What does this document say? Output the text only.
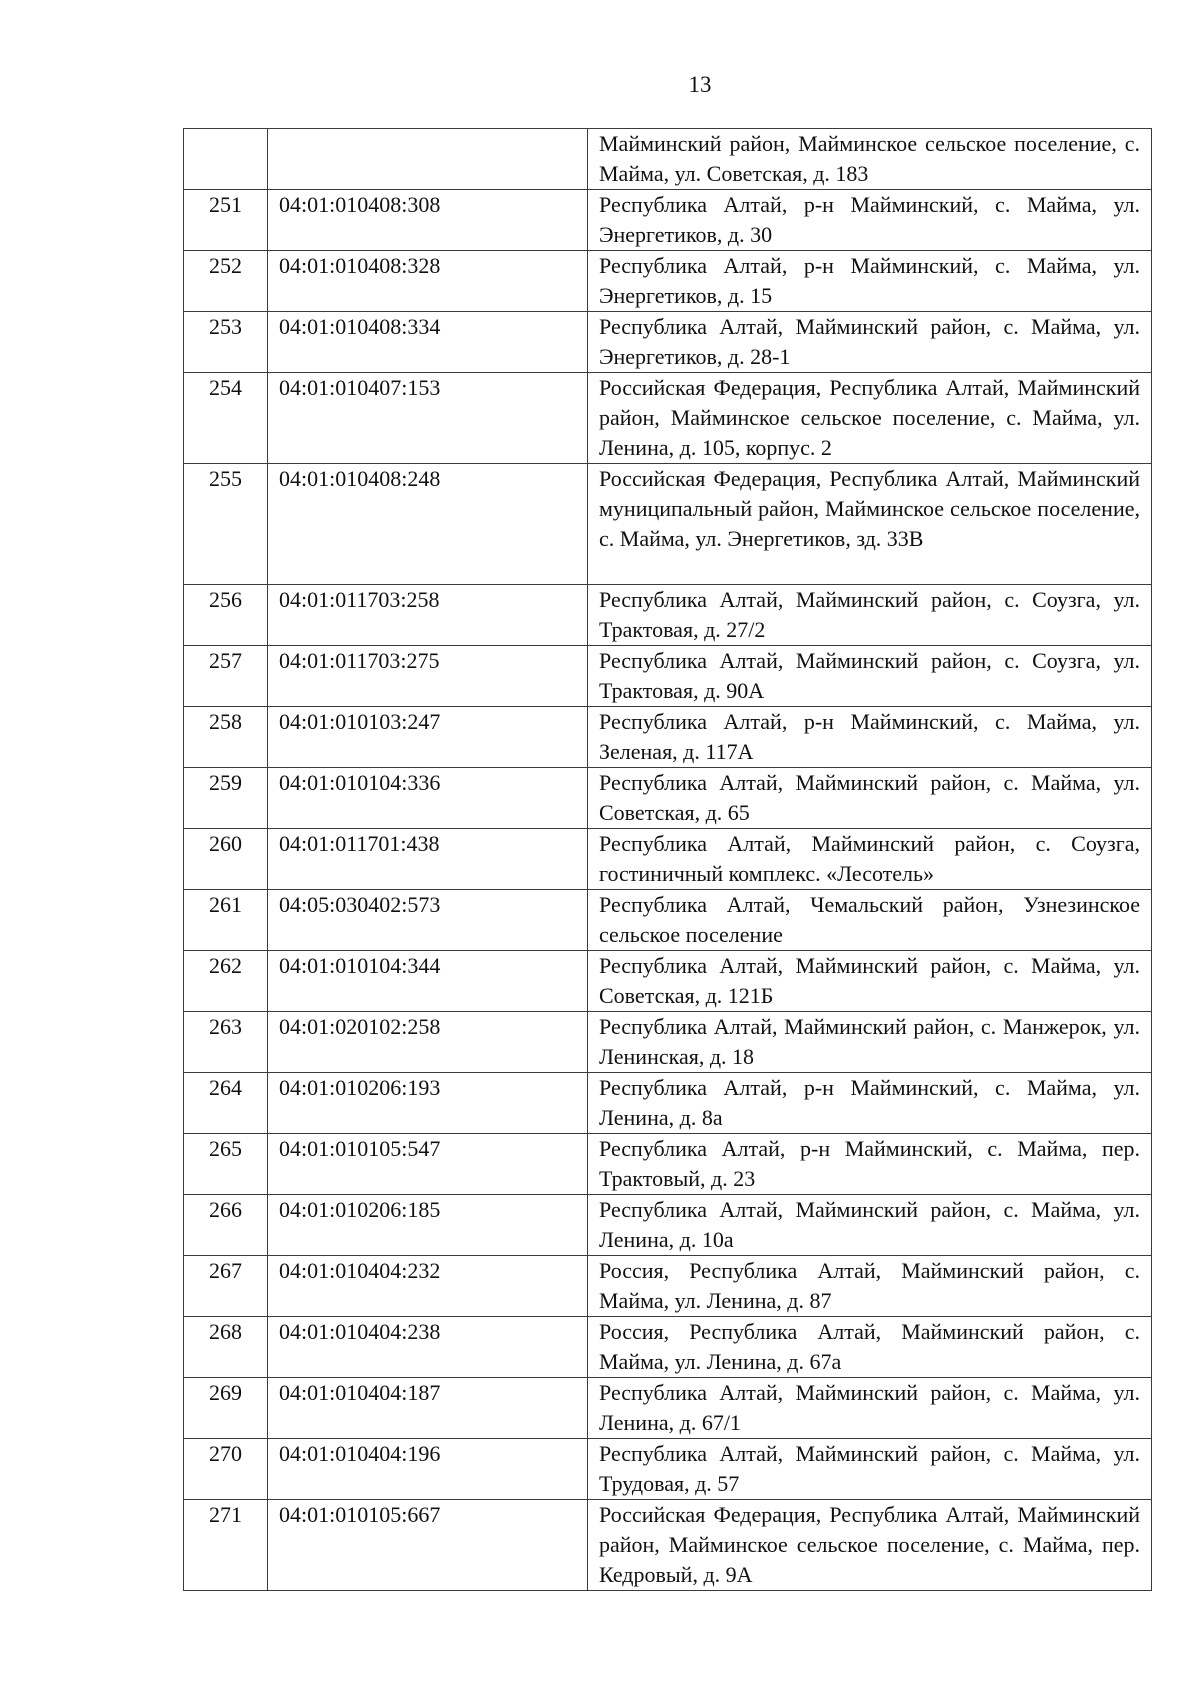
13
		Майминский район, Майминское сельское поселение, с. Майма, ул. Советская, д. 183
251	04:01:010408:308	Республика Алтай, р-н Майминский, с. Майма, ул. Энергетиков, д. 30
252	04:01:010408:328	Республика Алтай, р-н Майминский, с. Майма, ул. Энергетиков, д. 15
253	04:01:010408:334	Республика Алтай, Майминский район, с. Майма, ул. Энергетиков, д. 28-1
254	04:01:010407:153	Российская Федерация, Республика Алтай, Майминский район, Майминское сельское поселение, с. Майма, ул. Ленина, д. 105, корпус. 2
255	04:01:010408:248	Российская Федерация, Республика Алтай, Майминский муниципальный район, Майминское сельское поселение, с. Майма, ул. Энергетиков, зд. 33В
256	04:01:011703:258	Республика Алтай, Майминский район, с. Соузга, ул. Трактовая, д. 27/2
257	04:01:011703:275	Республика Алтай, Майминский район, с. Соузга, ул. Трактовая, д. 90А
258	04:01:010103:247	Республика Алтай, р-н Майминский, с. Майма, ул. Зеленая, д. 117А
259	04:01:010104:336	Республика Алтай, Майминский район, с. Майма, ул. Советская, д. 65
260	04:01:011701:438	Республика Алтай, Майминский район, с. Соузга, гостиничный комплекс. «Лесотель»
261	04:05:030402:573	Республика Алтай, Чемальский район, Узнезинское сельское поселение
262	04:01:010104:344	Республика Алтай, Майминский район, с. Майма, ул. Советская, д. 121Б
263	04:01:020102:258	Республика Алтай, Майминский район, с. Манжерок, ул. Ленинская, д. 18
264	04:01:010206:193	Республика Алтай, р-н Майминский, с. Майма, ул. Ленина, д. 8а
265	04:01:010105:547	Республика Алтай, р-н Майминский, с. Майма, пер. Трактовый, д. 23
266	04:01:010206:185	Республика Алтай, Майминский район, с. Майма, ул. Ленина, д. 10а
267	04:01:010404:232	Россия, Республика Алтай, Майминский район, с. Майма, ул. Ленина, д. 87
268	04:01:010404:238	Россия, Республика Алтай, Майминский район, с. Майма, ул. Ленина, д. 67а
269	04:01:010404:187	Республика Алтай, Майминский район, с. Майма, ул. Ленина, д. 67/1
270	04:01:010404:196	Республика Алтай, Майминский район, с. Майма, ул. Трудовая, д. 57
271	04:01:010105:667	Российская Федерация, Республика Алтай, Майминский район, Майминское сельское поселение, с. Майма, пер. Кедровый, д. 9А
